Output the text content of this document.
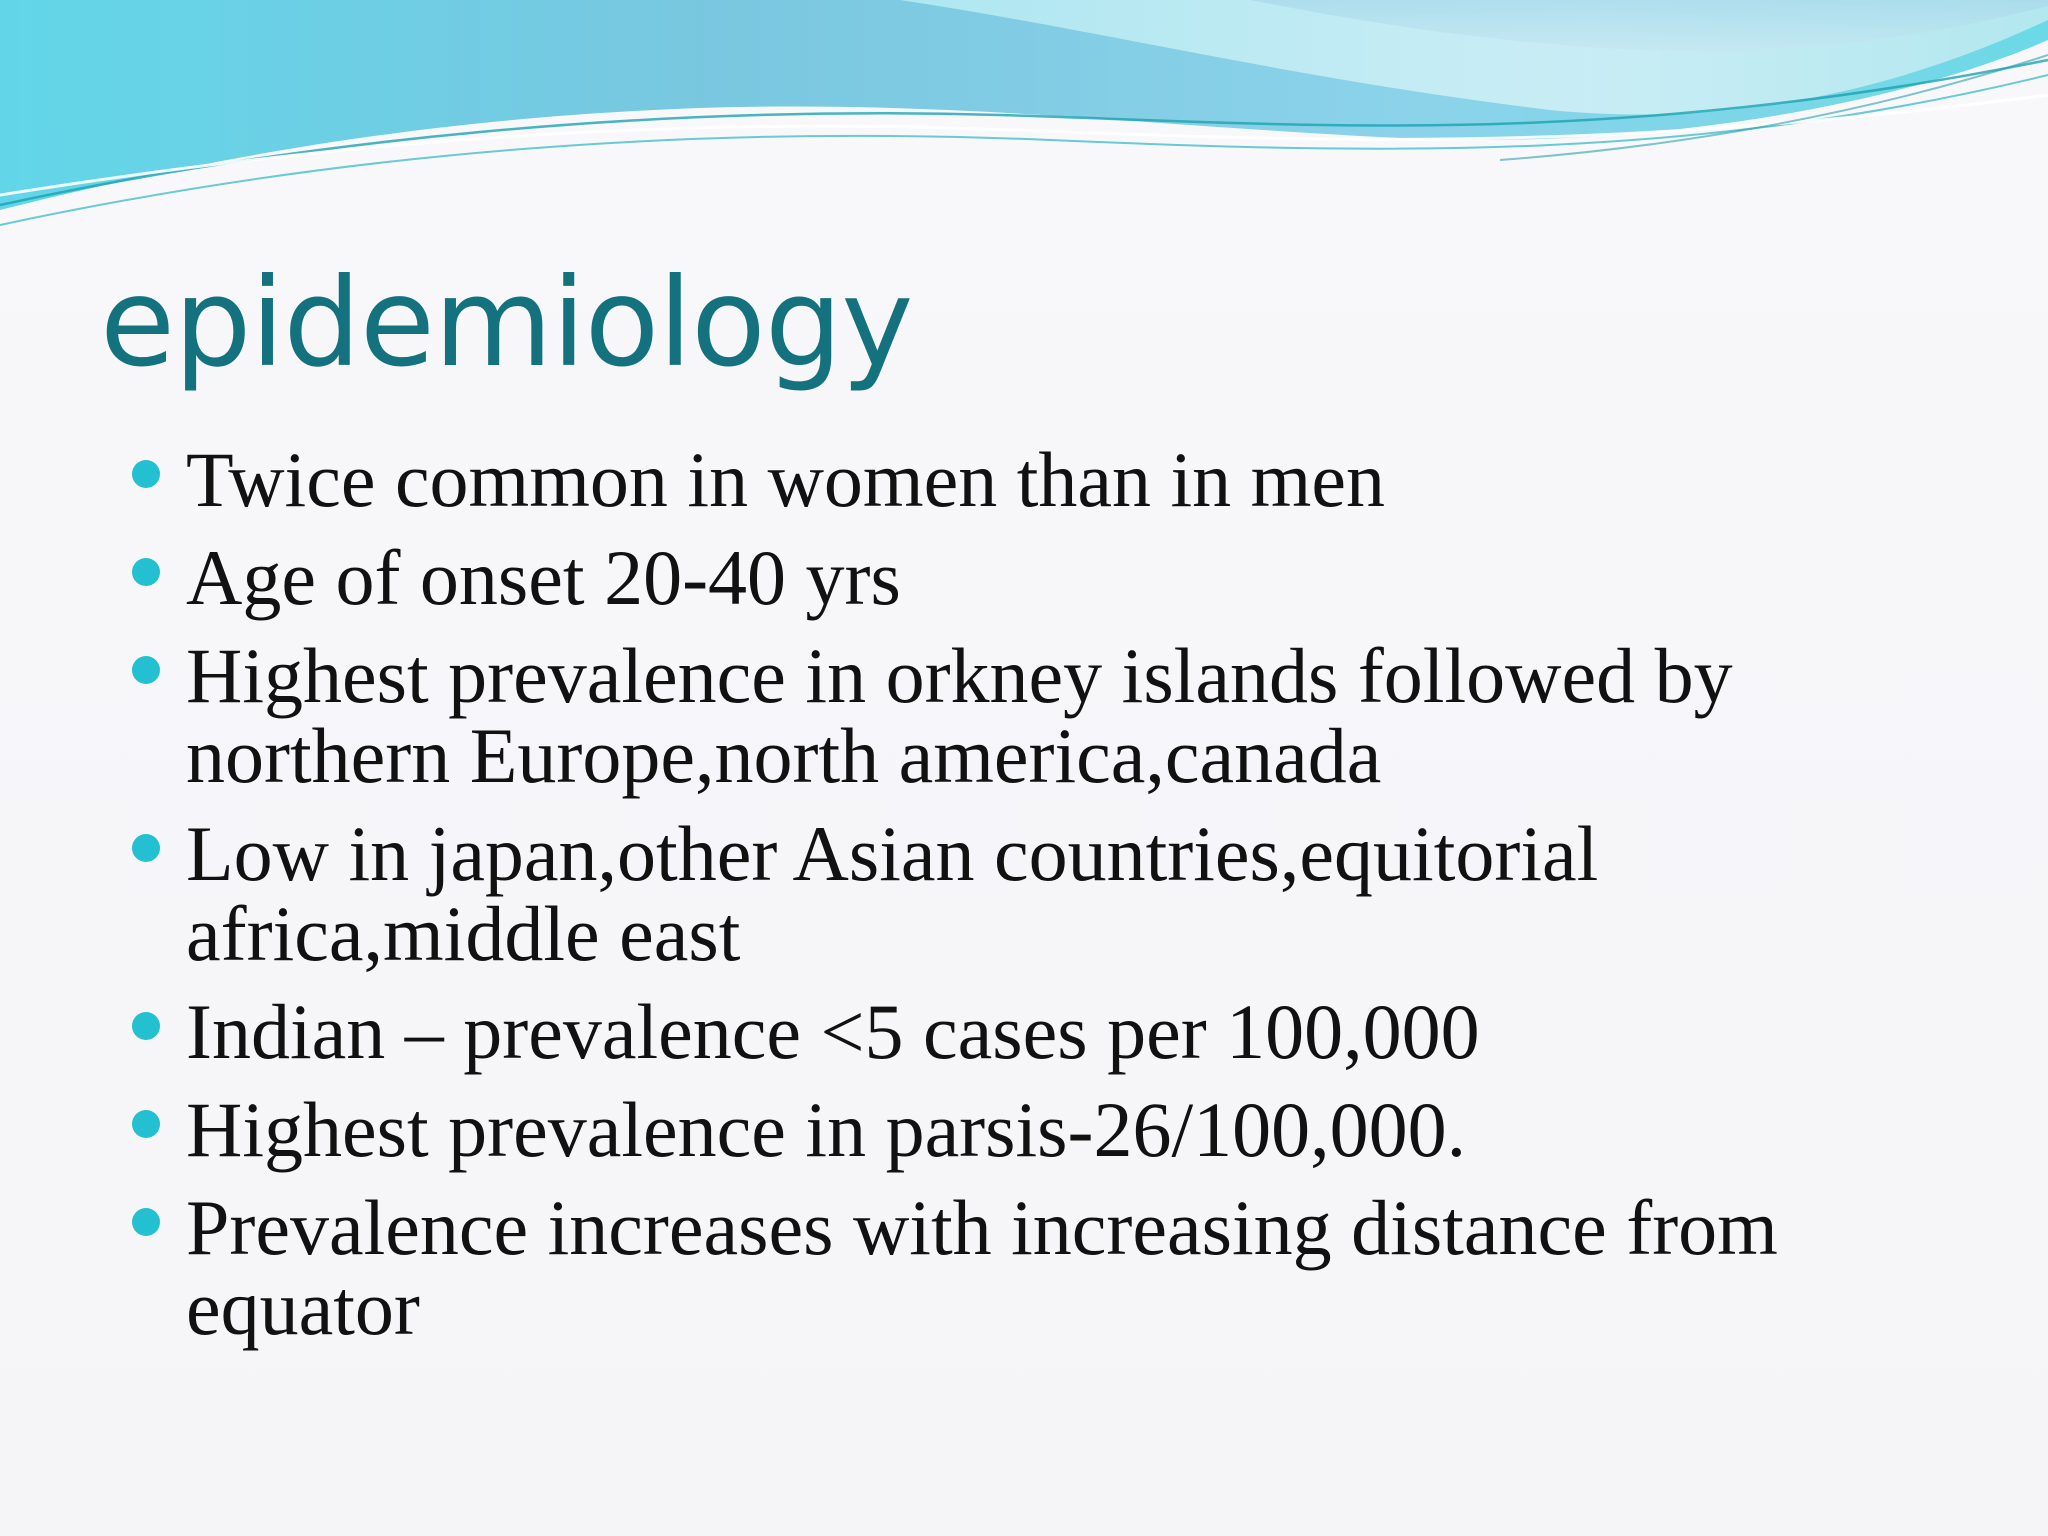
epidemiology
Twice common in women than in men
Age of onset 20-40 yrs
Highest prevalence in orkney islands followed by northern Europe,north america,canada
Low in japan,other Asian countries,equitorial africa,middle east
Indian – prevalence <5 cases per 100,000
Highest prevalence in parsis-26/100,000.
Prevalence increases with increasing distance from equator
